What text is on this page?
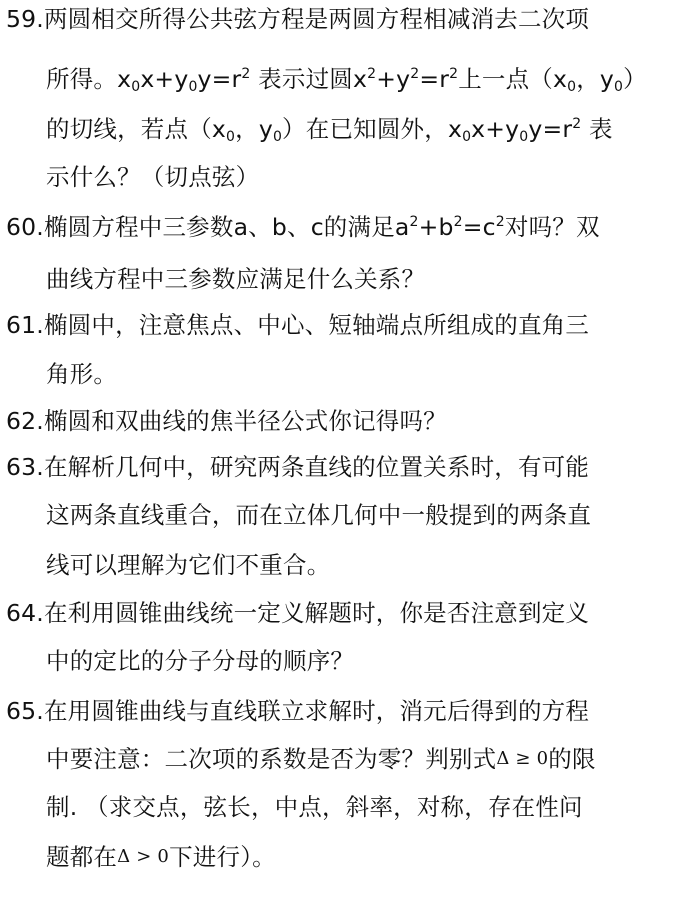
59.两圆相交所得公共弦方程是两圆方程相减消去二次项
所得。$x_0x+y_0y=r^2$ 表示过圆$x^2+y^2=r^2$上一点（$x_0$，$y_0$）
的切线，若点（$x_0$，$y_0$）在已知圆外，$x_0x+y_0y=r^2$ 表
示什么？（切点弦）
60.椭圆方程中三参数a、b、c的满足$a^2+b^2=c^2$对吗？双
曲线方程中三参数应满足什么关系？
61.椭圆中，注意焦点、中心、短轴端点所组成的直角三
角形。
62.椭圆和双曲线的焦半径公式你记得吗？
63.在解析几何中，研究两条直线的位置关系时，有可能
这两条直线重合，而在立体几何中一般提到的两条直
线可以理解为它们不重合。
64.在利用圆锥曲线统一定义解题时，你是否注意到定义
中的定比的分子分母的顺序？
65.在用圆锥曲线与直线联立求解时，消元后得到的方程
中要注意：二次项的系数是否为零？判别式Δ ≥ 0的限
制. （求交点，弦长，中点，斜率，对称，存在性问
题都在Δ > 0下进行）。
